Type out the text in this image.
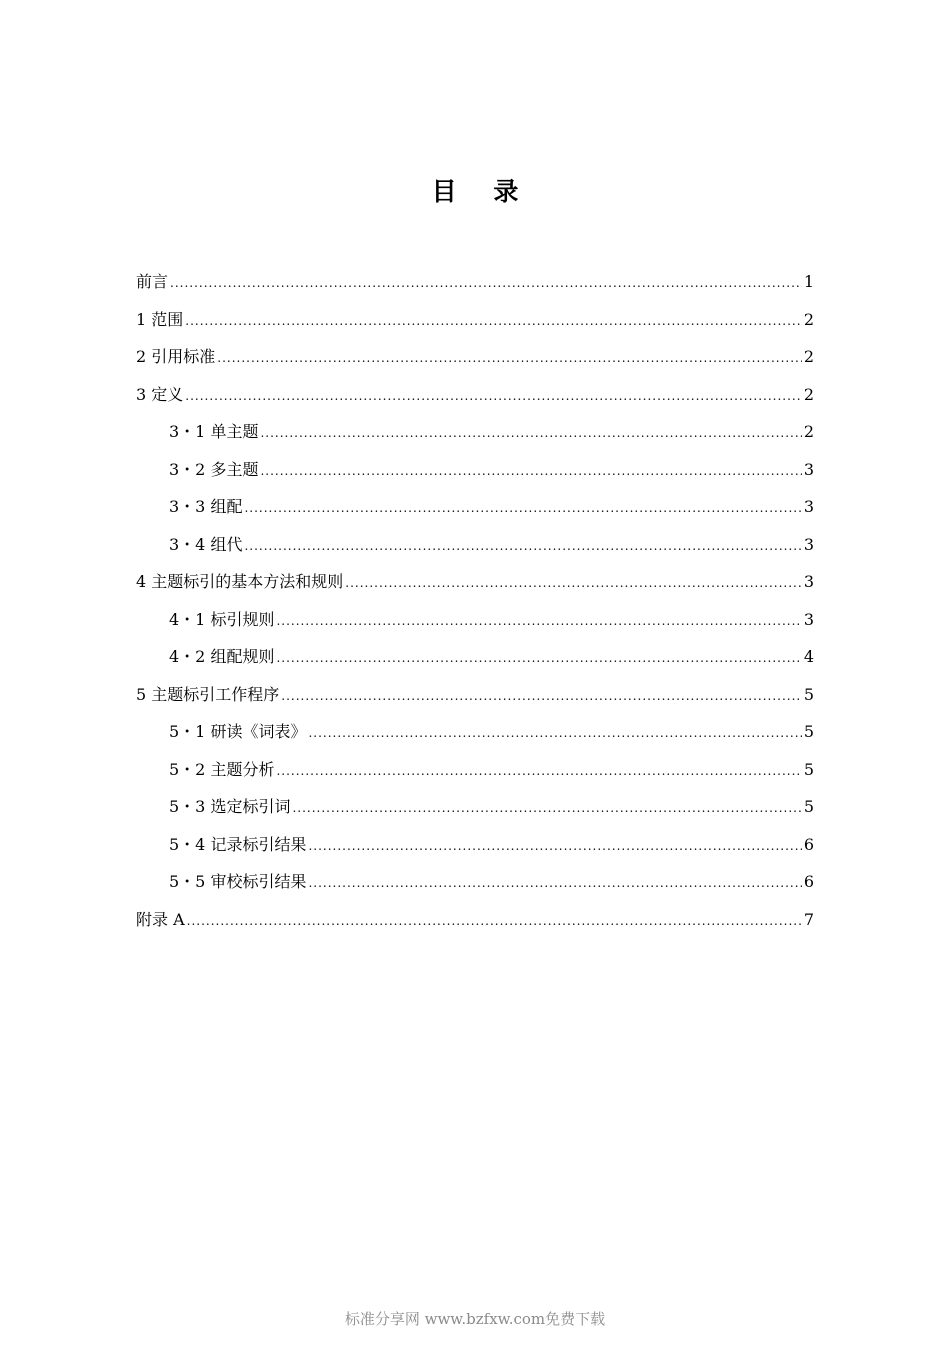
目 录
前言 .....	1
1 范围 .....	2
2 引用标准 .....	2
3 定义 .....	2
3・1 单主题 .....	2
3・2 多主题 .....	3
3・3 组配 .....	3
3・4 组代 .....	3
4 主题标引的基本方法和规则 .....	3
4・1 标引规则 .....	3
4・2 组配规则 .....	4
5 主题标引工作程序 .....	5
5・1 研读《词表》 .....	5
5・2 主题分析 .....	5
5・3 选定标引词 .....	5
5・4 记录标引结果 .....	6
5・5 审校标引结果 .....	6
附录 A .....	7
标准分享网 www.bzfxw.com免费下载
